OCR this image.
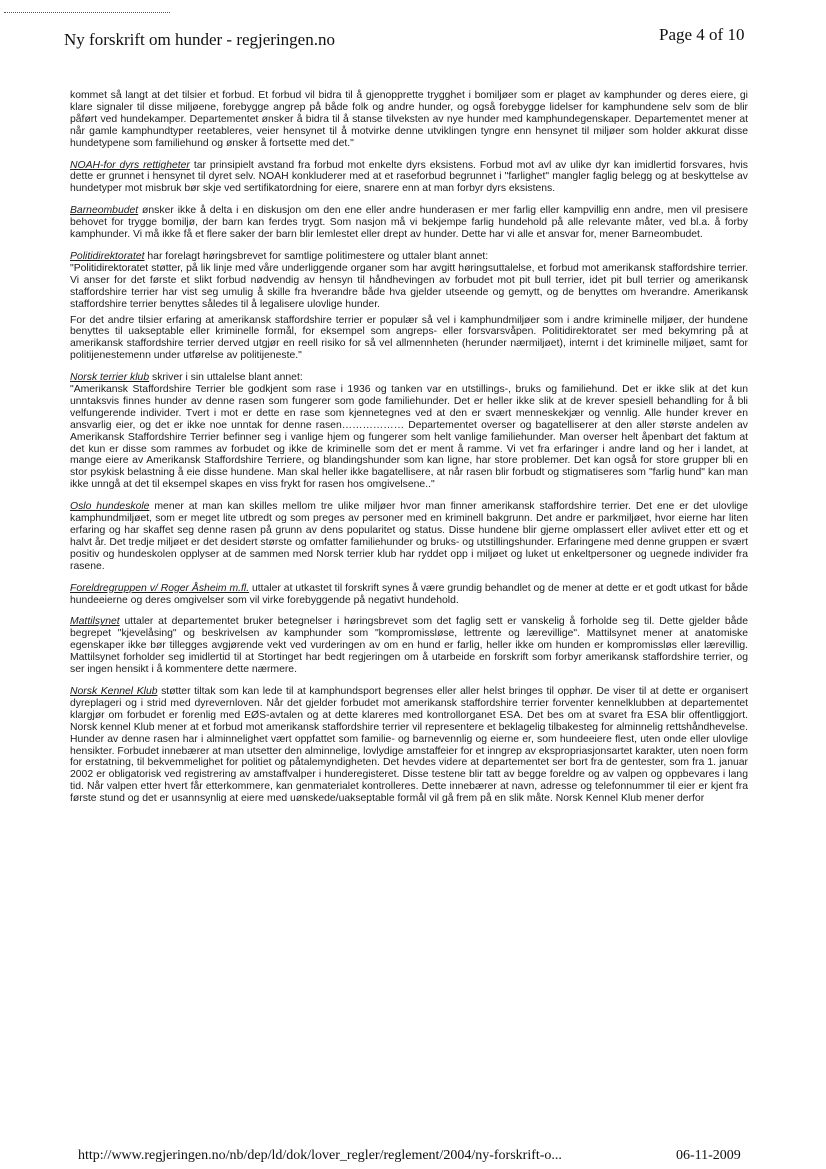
Ny forskrift om hunder - regjeringen.no	Page 4 of 10
kommet så langt at det tilsier et forbud. Et forbud vil bidra til å gjenopprette trygghet i bomiljøer som er plaget av kamphunder og deres eiere, gi klare signaler til disse miljøene, forebygge angrep på både folk og andre hunder, og også forebygge lidelser for kamphundene selv som de blir påført ved hundekamper. Departementet ønsker å bidra til å stanse tilveksten av nye hunder med kamphundegenskaper. Departementet mener at når gamle kamphundtyper reetableres, veier hensynet til å motvirke denne utviklingen tyngre enn hensynet til miljøer som holder akkurat disse hundetypene som familiehund og ønsker å fortsette med det."
NOAH-for dyrs rettigheter tar prinsipielt avstand fra forbud mot enkelte dyrs eksistens. Forbud mot avl av ulike dyr kan imidlertid forsvares, hvis dette er grunnet i hensynet til dyret selv. NOAH konkluderer med at et raseforbud begrunnet i "farlighet" mangler faglig belegg og at beskyttelse av hundetyper mot misbruk bør skje ved sertifikatordning for eiere, snarere enn at man forbyr dyrs eksistens.
Barneombudet ønsker ikke å delta i en diskusjon om den ene eller andre hunderasen er mer farlig eller kampvillig enn andre, men vil presisere behovet for trygge bomiljø, der barn kan ferdes trygt. Som nasjon må vi bekjempe farlig hundehold på alle relevante måter, ved bl.a. å forby kamphunder. Vi må ikke få et flere saker der barn blir lemlestet eller drept av hunder. Dette har vi alle et ansvar for, mener Barneombudet.
Politidirektoratet har forelagt høringsbrevet for samtlige politimestere og uttaler blant annet:
"Politidirektoratet støtter, på lik linje med våre underliggende organer som har avgitt høringsuttalelse, et forbud mot amerikansk staffordshire terrier. Vi anser for det første et slikt forbud nødvendig av hensyn til håndhevingen av forbudet mot pit bull terrier, idet pit bull terrier og amerikansk staffordshire terrier har vist seg umulig å skille fra hverandre både hva gjelder utseende og gemytt, og de benyttes om hverandre. Amerikansk staffordshire terrier benyttes således til å legalisere ulovlige hunder.
For det andre tilsier erfaring at amerikansk staffordshire terrier er populær så vel i kamphundmiljøer som i andre kriminelle miljøer, der hundene benyttes til uakseptable eller kriminelle formål, for eksempel som angreps- eller forsvarsvåpen. Politidirektoratet ser med bekymring på at amerikansk staffordshire terrier derved utgjør en reell risiko for så vel allmennheten (herunder nærmiljøet), internt i det kriminelle miljøet, samt for politijenestemenn under utførelse av politijeneste."
Norsk terrier klub skriver i sin uttalelse blant annet:
"Amerikansk Staffordshire Terrier ble godkjent som rase i 1936 og tanken var en utstillings-, bruks og familiehund. Det er ikke slik at det kun unntaksvis finnes hunder av denne rasen som fungerer som gode familiehunder. Det er heller ikke slik at de krever spesiell behandling for å bli velfungerende individer. Tvert i mot er dette en rase som kjennetegnes ved at den er svært menneskekjær og vennlig. Alle hunder krever en ansvarlig eier, og det er ikke noe unntak for denne rasen……………… Departementet overser og bagatelliserer at den aller største andelen av Amerikansk Staffordshire Terrier befinner seg i vanlige hjem og fungerer som helt vanlige familiehunder. Man overser helt åpenbart det faktum at det kun er disse som rammes av forbudet og ikke de kriminelle som det er ment å ramme. Vi vet fra erfaringer i andre land og her i landet, at mange eiere av Amerikansk Staffordshire Terriere, og blandingshunder som kan ligne, har store problemer. Det kan også for store grupper bli en stor psykisk belastning å eie disse hundene. Man skal heller ikke bagatellisere, at når rasen blir forbudt og stigmatiseres som "farlig hund" kan man ikke unngå at det til eksempel skapes en viss frykt for rasen hos omgivelsene.."
Oslo hundeskole mener at man kan skilles mellom tre ulike miljøer hvor man finner amerikansk staffordshire terrier. Det ene er det ulovlige kamphundmiljøet, som er meget lite utbredt og som preges av personer med en kriminell bakgrunn. Det andre er parkmiljøet, hvor eierne har liten erfaring og har skaffet seg denne rasen på grunn av dens popularitet og status. Disse hundene blir gjerne omplassert eller avlivet etter ett og et halvt år. Det tredje miljøet er det desidert største og omfatter familiehunder og bruks- og utstillingshunder. Erfaringene med denne gruppen er svært positiv og hundeskolen opplyser at de sammen med Norsk terrier klub har ryddet opp i miljøet og luket ut enkeltpersoner og uegnede individer fra rasene.
Foreldregruppen v/ Roger Åsheim m.fl. uttaler at utkastet til forskrift synes å være grundig behandlet og de mener at dette er et godt utkast for både hundeeierne og deres omgivelser som vil virke forebyggende på negativt hundehold.
Mattilsynet uttaler at departementet bruker betegnelser i høringsbrevet som det faglig sett er vanskelig å forholde seg til. Dette gjelder både begrepet "kjevelåsing" og beskrivelsen av kamphunder som "kompromissløse, lettrente og lærevillige". Mattilsynet mener at anatomiske egenskaper ikke bør tillegges avgjørende vekt ved vurderingen av om en hund er farlig, heller ikke om hunden er kompromissløs eller lærevillig. Mattilsynet forholder seg imidlertid til at Stortinget har bedt regjeringen om å utarbeide en forskrift som forbyr amerikansk staffordshire terrier, og ser ingen hensikt i å kommentere dette nærmere.
Norsk Kennel Klub støtter tiltak som kan lede til at kamphundsport begrenses eller aller helst bringes til opphør. De viser til at dette er organisert dyreplageri og i strid med dyrevernloven. Når det gjelder forbudet mot amerikansk staffordshire terrier forventer kennelklubben at departementet klargjør om forbudet er forenlig med EØS-avtalen og at dette klareres med kontrollorganet ESA. Det bes om at svaret fra ESA blir offentliggjort. Norsk kennel Klub mener at et forbud mot amerikansk staffordshire terrier vil representere et beklagelig tilbakesteg for alminnelig rettshåndhevelse. Hunder av denne rasen har i alminnelighet vært oppfattet som familie- og barnevennlig og eierne er, som hundeeiere flest, uten onde eller ulovlige hensikter. Forbudet innebærer at man utsetter den alminnelige, lovlydige amstaffeier for et inngrep av ekspropriasjonsartet karakter, uten noen form for erstatning, til bekvemmelighet for politiet og påtalemyndigheten. Det hevdes videre at departementet ser bort fra de gentester, som fra 1. januar 2002 er obligatorisk ved registrering av amstaffvalper i hunderegisteret. Disse testene blir tatt av begge foreldre og av valpen og oppbevares i lang tid. Når valpen etter hvert får etterkommere, kan genmaterialet kontrolleres. Dette innebærer at navn, adresse og telefonnummer til eier er kjent fra første stund og det er usannsynlig at eiere med uønskede/uakseptable formål vil gå frem på en slik måte. Norsk Kennel Klub mener derfor
http://www.regjeringen.no/nb/dep/ld/dok/lover_regler/reglement/2004/ny-forskrift-o...	06-11-2009
